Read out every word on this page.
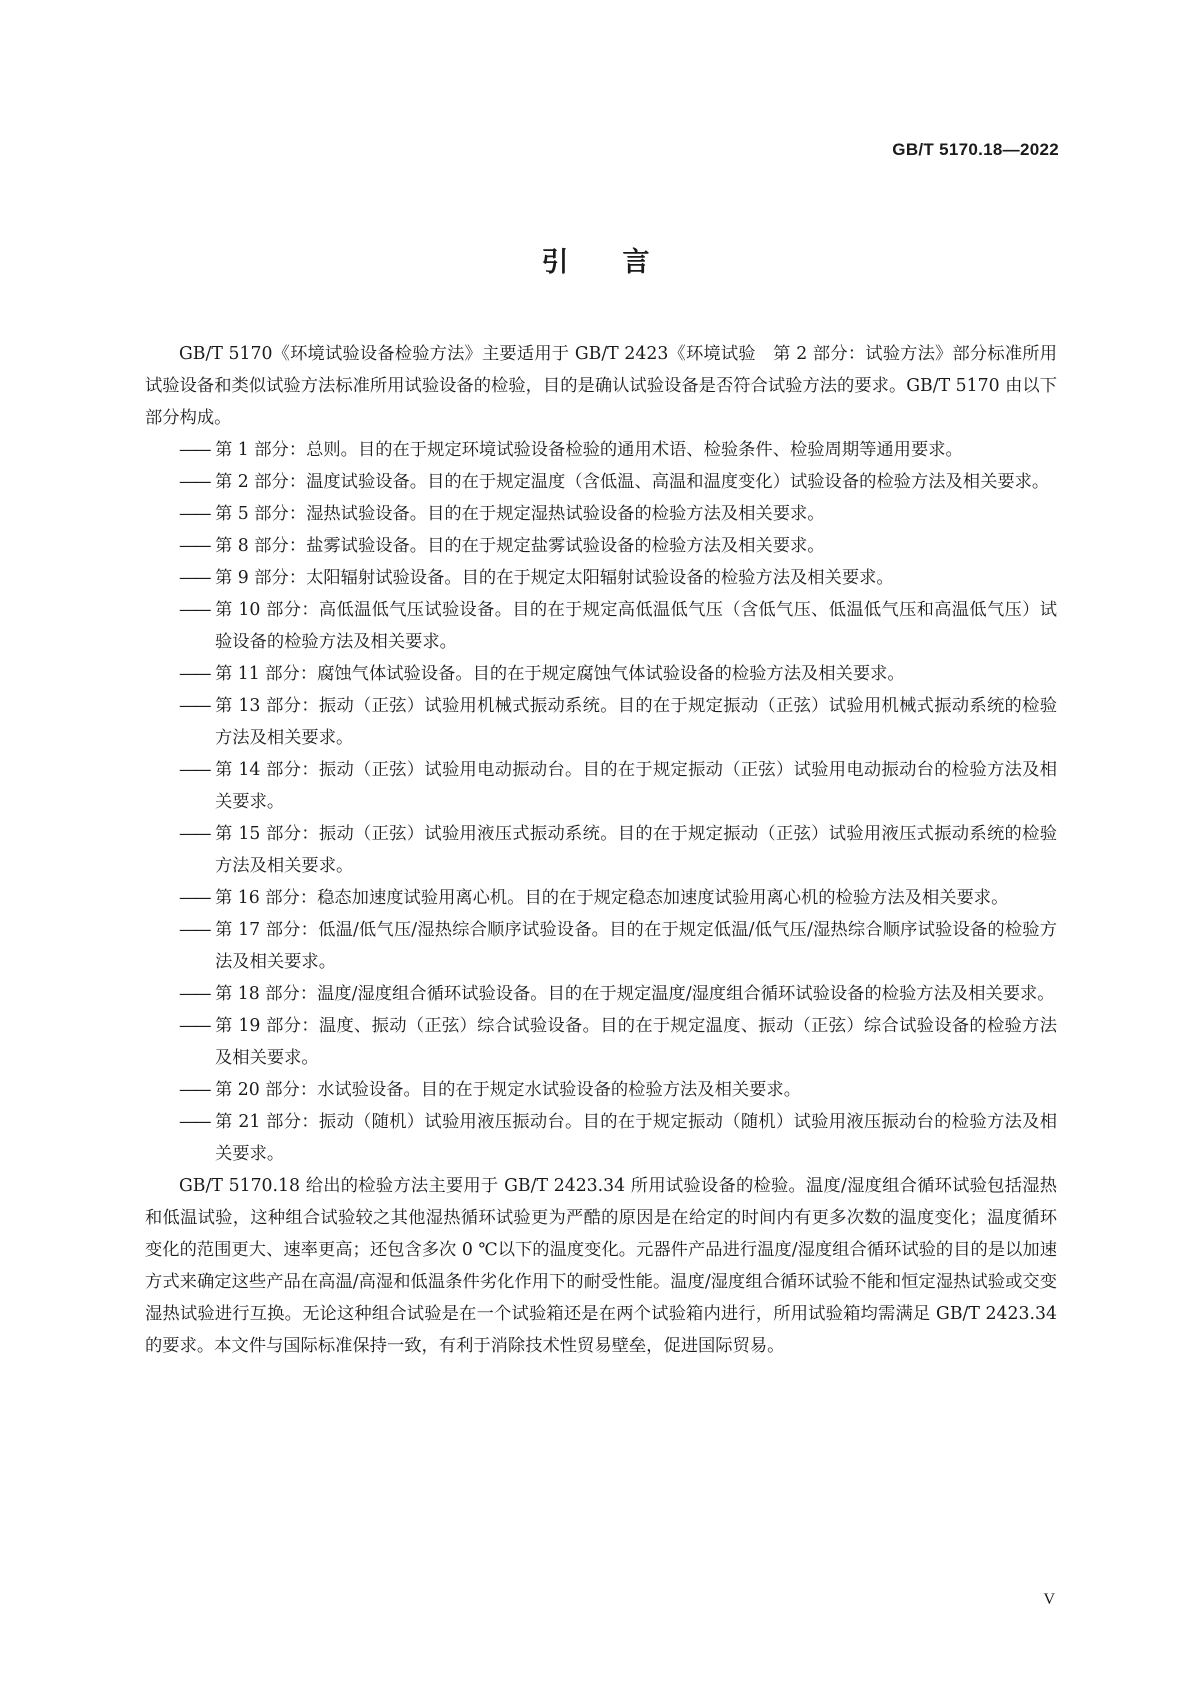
GB/T 5170.18—2022
引言

GB/T 5170《环境试验设备检验方法》主要适用于 GB/T 2423《环境试验　第 2 部分：试验方法》部分标准所用试验设备和类似试验方法标准所用试验设备的检验，目的是确认试验设备是否符合试验方法的要求。GB/T 5170 由以下部分构成。

—— 第 1 部分：总则。目的在于规定环境试验设备检验的通用术语、检验条件、检验周期等通用要求。
—— 第 2 部分：温度试验设备。目的在于规定温度（含低温、高温和温度变化）试验设备的检验方法及相关要求。
—— 第 5 部分：湿热试验设备。目的在于规定湿热试验设备的检验方法及相关要求。
—— 第 8 部分：盐雾试验设备。目的在于规定盐雾试验设备的检验方法及相关要求。
—— 第 9 部分：太阳辐射试验设备。目的在于规定太阳辐射试验设备的检验方法及相关要求。
—— 第 10 部分：高低温低气压试验设备。目的在于规定高低温低气压（含低气压、低温低气压和高温低气压）试验设备的检验方法及相关要求。
—— 第 11 部分：腐蚀气体试验设备。目的在于规定腐蚀气体试验设备的检验方法及相关要求。
—— 第 13 部分：振动（正弦）试验用机械式振动系统。目的在于规定振动（正弦）试验用机械式振动系统的检验方法及相关要求。
—— 第 14 部分：振动（正弦）试验用电动振动台。目的在于规定振动（正弦）试验用电动振动台的检验方法及相关要求。
—— 第 15 部分：振动（正弦）试验用液压式振动系统。目的在于规定振动（正弦）试验用液压式振动系统的检验方法及相关要求。
—— 第 16 部分：稳态加速度试验用离心机。目的在于规定稳态加速度试验用离心机的检验方法及相关要求。
—— 第 17 部分：低温/低气压/湿热综合顺序试验设备。目的在于规定低温/低气压/湿热综合顺序试验设备的检验方法及相关要求。
—— 第 18 部分：温度/湿度组合循环试验设备。目的在于规定温度/湿度组合循环试验设备的检验方法及相关要求。
—— 第 19 部分：温度、振动（正弦）综合试验设备。目的在于规定温度、振动（正弦）综合试验设备的检验方法及相关要求。
—— 第 20 部分：水试验设备。目的在于规定水试验设备的检验方法及相关要求。
—— 第 21 部分：振动（随机）试验用液压振动台。目的在于规定振动（随机）试验用液压振动台的检验方法及相关要求。

GB/T 5170.18 给出的检验方法主要用于 GB/T 2423.34 所用试验设备的检验。温度/湿度组合循环试验包括湿热和低温试验，这种组合试验较之其他湿热循环试验更为严酷的原因是在给定的时间内有更多次数的温度变化；温度循环变化的范围更大、速率更高；还包含多次 0 ℃以下的温度变化。元器件产品进行温度/湿度组合循环试验的目的是以加速方式来确定这些产品在高温/高湿和低温条件劣化作用下的耐受性能。温度/湿度组合循环试验不能和恒定湿热试验或交变湿热试验进行互换。无论这种组合试验是在一个试验箱还是在两个试验箱内进行，所用试验箱均需满足 GB/T 2423.34 的要求。本文件与国际标准保持一致，有利于消除技术性贸易壁垒，促进国际贸易。

V
